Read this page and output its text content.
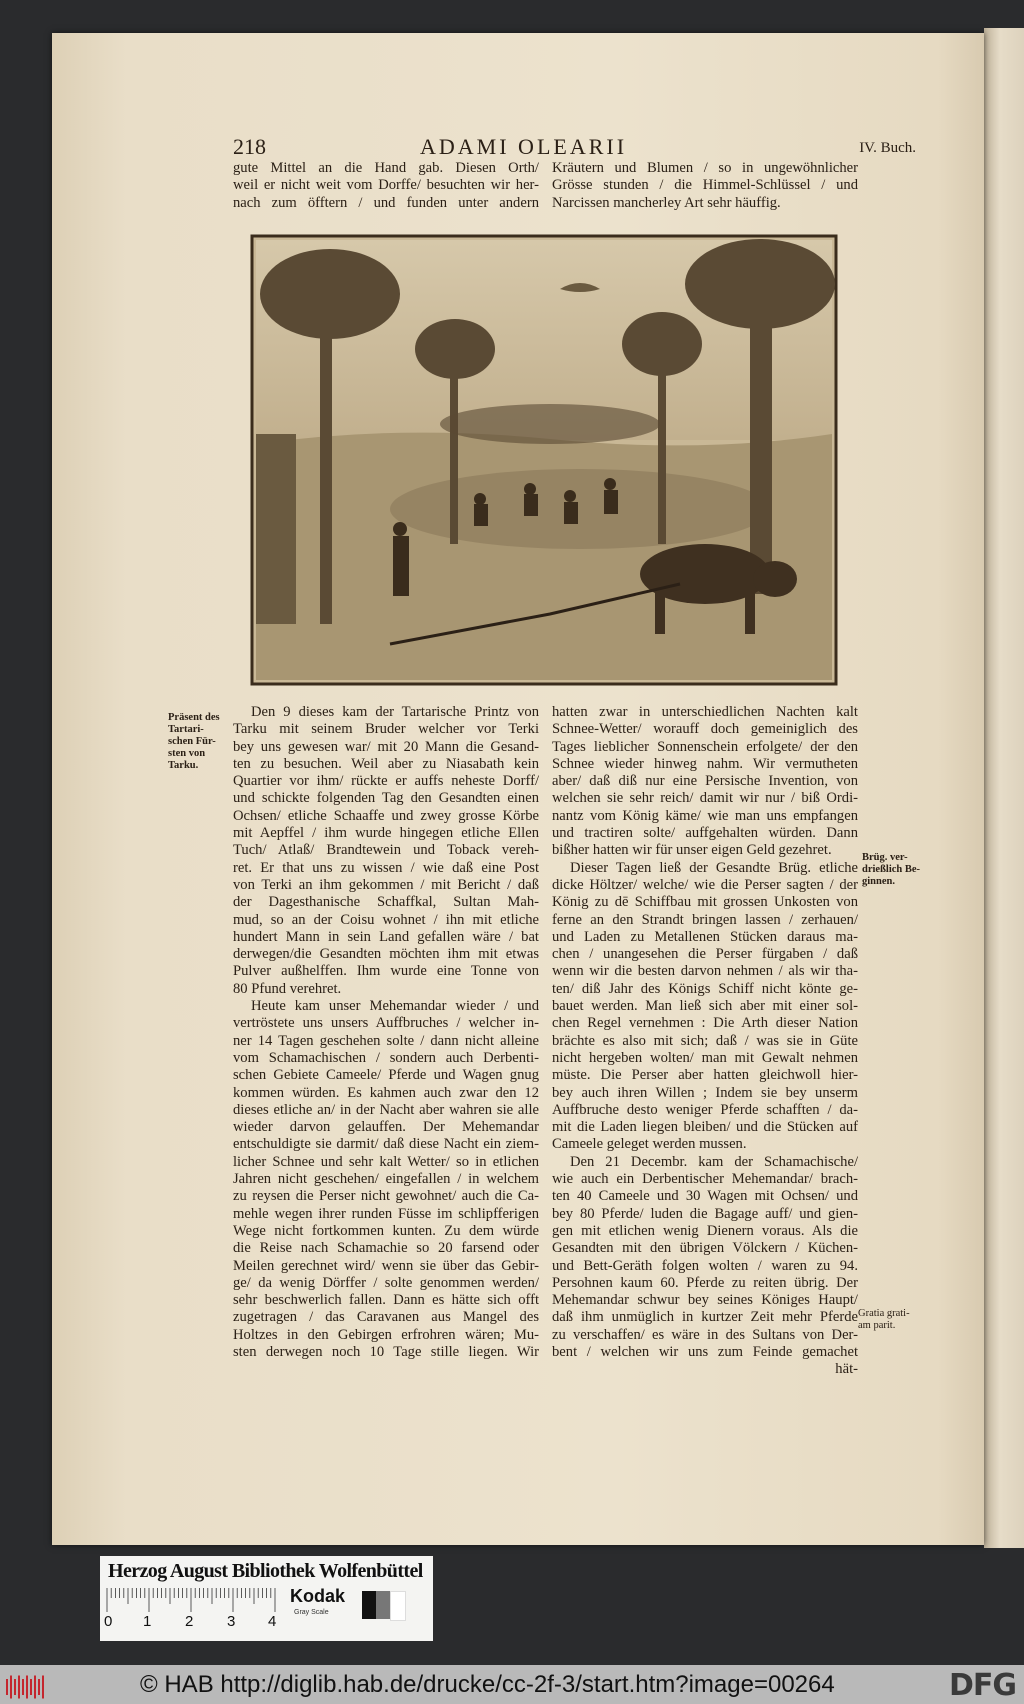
218	ADAMI OLEARII	IV. Buch.
gute Mittel an die Hand gab. Diesen Orth/
weil er nicht weit vom Dorffe/ besuchten wir her-
nach zum öfftern / und funden unter andern
Kräutern und Blumen / so in ungewöhnlicher
Grösse stunden / die Himmel-Schlüssel / und
Narcissen mancherley Art sehr häuffig.
Den 9 dieses kam der Tartarische Printz von
Tarku mit seinem Bruder welcher vor Terki
bey uns gewesen war/ mit 20 Mann die Gesand-
ten zu besuchen. Weil aber zu Niasabath kein
Quartier vor ihm/ rückte er auffs neheste Dorff/
und schickte folgenden Tag den Gesandten einen
Ochsen/ etliche Schaaffe und zwey grosse Körbe
mit Aepffel / ihm wurde hingegen etliche Ellen
Tuch/ Atlaß/ Brandtewein und Toback vereh-
ret. Er that uns zu wissen / wie daß eine Post
von Terki an ihm gekommen / mit Bericht / daß
der Dagesthanische Schaffkal, Sultan Mah-
mud, so an der Coisu wohnet / ihn mit etliche
hundert Mann in sein Land gefallen wäre / bat
derwegen/die Gesandten möchten ihm mit etwas
Pulver außhelffen. Ihm wurde eine Tonne von
80 Pfund verehret.
Heute kam unser Mehemandar wieder / und
vertröstete uns unsers Auffbruches / welcher in-
ner 14 Tagen geschehen solte / dann nicht alleine
vom Schamachischen / sondern auch Derbenti-
schen Gebiete Cameele/ Pferde und Wagen gnug
kommen würden. Es kahmen auch zwar den 12
dieses etliche an/ in der Nacht aber wahren sie alle
wieder darvon gelauffen. Der Mehemandar
entschuldigte sie darmit/ daß diese Nacht ein ziem-
licher Schnee und sehr kalt Wetter/ so in etlichen
Jahren nicht geschehen/ eingefallen / in welchem
zu reysen die Perser nicht gewohnet/ auch die Ca-
mehle wegen ihrer runden Füsse im schlipfferigen
Wege nicht fortkommen kunten. Zu dem würde
die Reise nach Schamachie so 20 farsend oder
Meilen gerechnet wird/ wenn sie über das Gebir-
ge/ da wenig Dörffer / solte genommen werden/
sehr beschwerlich fallen. Dann es hätte sich offt
zugetragen / das Caravanen aus Mangel des
Holtzes in den Gebirgen erfrohren wären; Mu-
sten derwegen noch 10 Tage stille liegen. Wir
hatten zwar in unterschiedlichen Nachten kalt
Schnee-Wetter/ worauff doch gemeiniglich des
Tages lieblicher Sonnenschein erfolgete/ der den
Schnee wieder hinweg nahm. Wir vermutheten
aber/ daß diß nur eine Persische Invention, von
welchen sie sehr reich/ damit wir nur / biß Ordi-
nantz vom König käme/ wie man uns empfangen
und tractiren solte/ auffgehalten würden. Dann
bißher hatten wir für unser eigen Geld gezehret.
Dieser Tagen ließ der Gesandte Brüg. etliche
dicke Höltzer/ welche/ wie die Perser sagten / der
König zu dē Schiffbau mit grossen Unkosten von
ferne an den Strandt bringen lassen / zerhauen/
und Laden zu Metallenen Stücken daraus ma-
chen / unangesehen die Perser fürgaben / daß
wenn wir die besten darvon nehmen / als wir tha-
ten/ diß Jahr des Königs Schiff nicht könte ge-
bauet werden. Man ließ sich aber mit einer sol-
chen Regel vernehmen : Die Arth dieser Nation
brächte es also mit sich; daß / was sie in Güte
nicht hergeben wolten/ man mit Gewalt nehmen
müste. Die Perser aber hatten gleichwoll hier-
bey auch ihren Willen ; Indem sie bey unserm
Auffbruche desto weniger Pferde schafften / da-
mit die Laden liegen bleiben/ und die Stücken auf
Cameele geleget werden mussen.
Den 21 Decembr. kam der Schamachische/
wie auch ein Derbentischer Mehemandar/ brach-
ten 40 Cameele und 30 Wagen mit Ochsen/ und
bey 80 Pferde/ luden die Bagage auff/ und gien-
gen mit etlichen wenig Dienern voraus. Als die
Gesandten mit den übrigen Völckern / Küchen-
und Bett-Geräth folgen wolten / waren zu 94.
Persohnen kaum 60. Pferde zu reiten übrig. Der
Mehemandar schwur bey seines Königes Haupt/
daß ihm unmüglich in kurtzer Zeit mehr Pferde
zu verschaffen/ es wäre in des Sultans von Der-
bent / welchen wir uns zum Feinde gemachet
hät-
Präsent des
Tartari-
schen Für-
sten von
Tarku.
Brüg. ver-
drießlich Be-
ginnen.
Gratia grati-
am parit.
Herzog August Bibliothek Wolfenbüttel
0 1 2 3 4
Kodak
Gray Scale
© HAB http://diglib.hab.de/drucke/cc-2f-3/start.htm?image=00264	DFG
